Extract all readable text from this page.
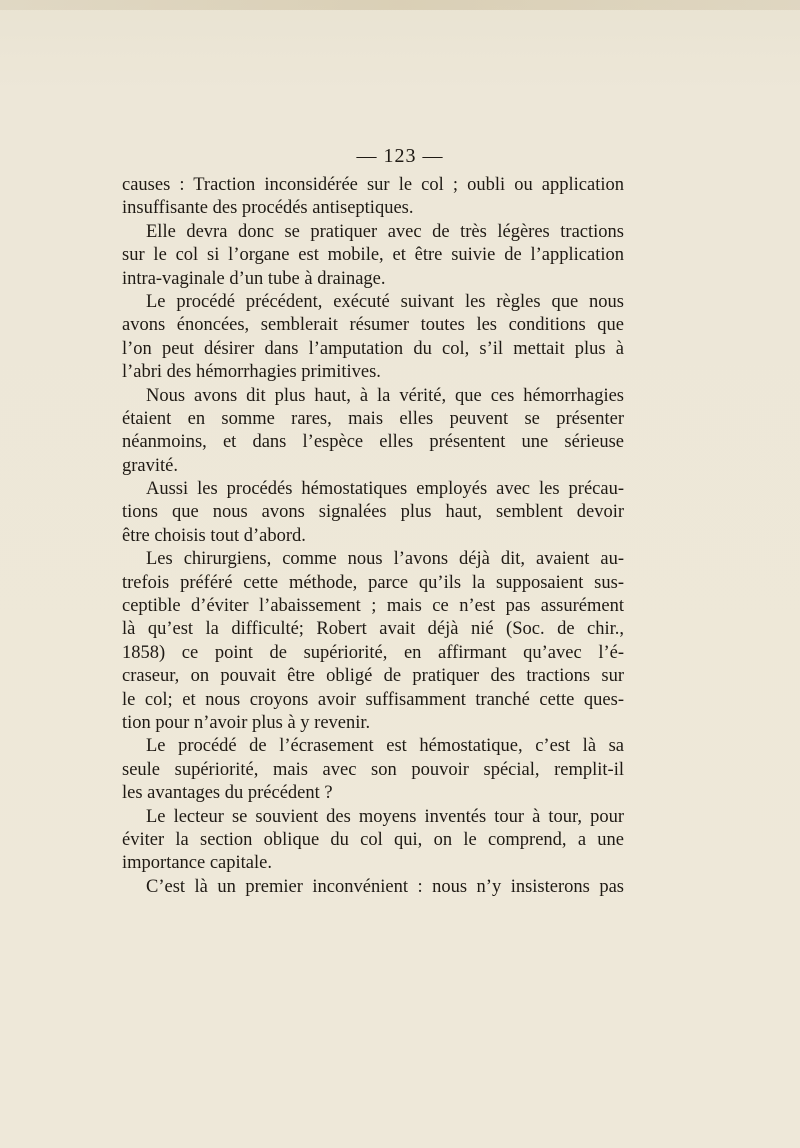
— 123 —
causes : Traction inconsidérée sur le col ; oubli ou application
insuffisante des procédés antiseptiques.
Elle devra donc se pratiquer avec de très légères tractions
sur le col si l’organe est mobile, et être suivie de l’application
intra-vaginale d’un tube à drainage.
Le procédé précédent, exécuté suivant les règles que nous
avons énoncées, semblerait résumer toutes les conditions que
l’on peut désirer dans l’amputation du col, s’il mettait plus à
l’abri des hémorrhagies primitives.
Nous avons dit plus haut, à la vérité, que ces hémorrhagies
étaient en somme rares, mais elles peuvent se présenter
néanmoins, et dans l’espèce elles présentent une sérieuse
gravité.
Aussi les procédés hémostatiques employés avec les précau-
tions que nous avons signalées plus haut, semblent devoir
être choisis tout d’abord.
Les chirurgiens, comme nous l’avons déjà dit, avaient au-
trefois préféré cette méthode, parce qu’ils la supposaient sus-
ceptible d’éviter l’abaissement ; mais ce n’est pas assurément
là qu’est la difficulté; Robert avait déjà nié (Soc. de chir.,
1858) ce point de supériorité, en affirmant qu’avec l’é-
craseur, on pouvait être obligé de pratiquer des tractions sur
le col; et nous croyons avoir suffisamment tranché cette ques-
tion pour n’avoir plus à y revenir.
Le procédé de l’écrasement est hémostatique, c’est là sa
seule supériorité, mais avec son pouvoir spécial, remplit-il
les avantages du précédent ?
Le lecteur se souvient des moyens inventés tour à tour, pour
éviter la section oblique du col qui, on le comprend, a une
importance capitale.
C’est là un premier inconvénient : nous n’y insisterons pas
